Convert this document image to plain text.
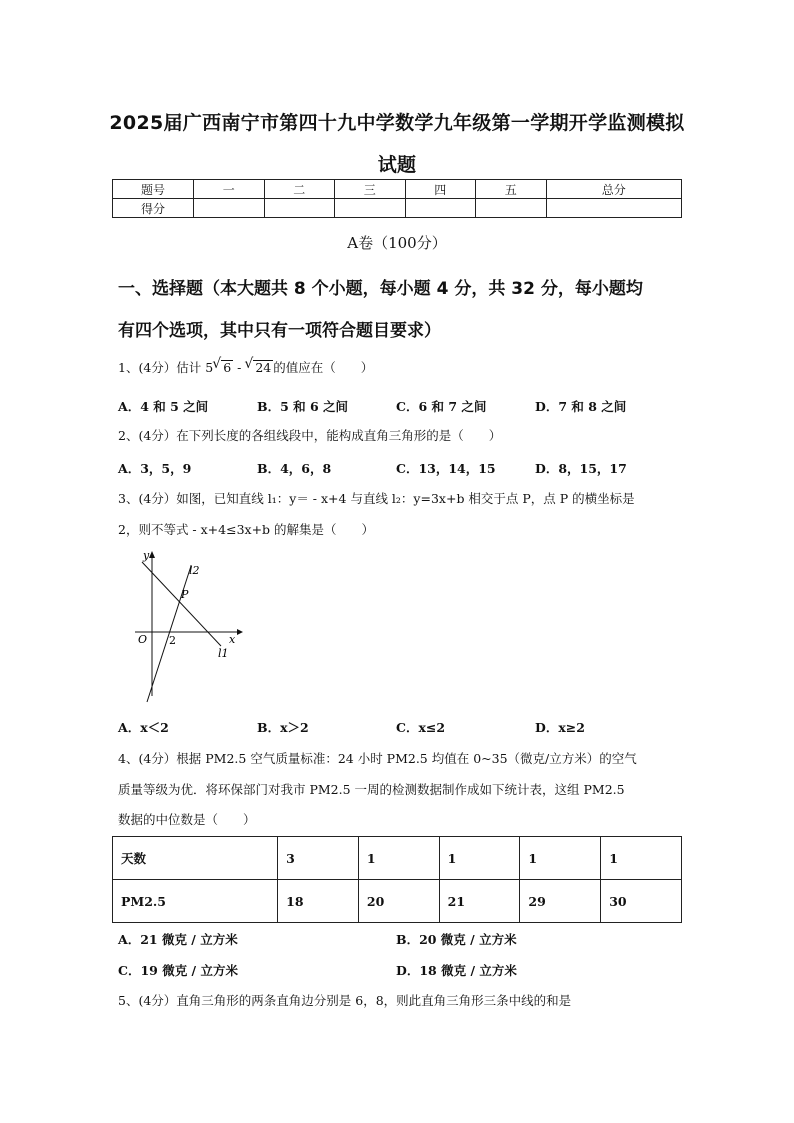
2025届广西南宁市第四十九中学数学九年级第一学期开学监测模拟
试题
题号	一	二	三	四	五	总分
得分						
A卷（100分）
一、选择题（本大题共 8 个小题，每小题 4 分，共 32 分，每小题均
有四个选项，其中只有一项符合题目要求）
1、(4分）估计 5 √ 6 - √ 24 的值应在（　　）
A．4 和 5 之间	B．5 和 6 之间	C．6 和 7 之间	D．7 和 8 之间
2、(4分）在下列长度的各组线段中，能构成直角三角形的是（　　）
A．3，5，9	B．4，6，8	C．13，14，15	D．8，15，17
3、(4分）如图，已知直线 l₁：y＝ - x+4 与直线 l₂：y=3x+b 相交于点 P，点 P 的横坐标是
2，则不等式 - x+4≤3x+b 的解集是（　　）
y
x
O 2
P
l2
l1
A．x＜2	B．x＞2	C．x≤2	D．x≥2
4、(4分）根据 PM2.5 空气质量标准：24 小时 PM2.5 均值在 0~35（微克/立方米）的空气
质量等级为优．将环保部门对我市 PM2.5 一周的检测数据制作成如下统计表，这组 PM2.5
数据的中位数是（　　）
天数	3	1	1	1	1
PM2.5	18	20	21	29	30
A．21 微克 / 立方米	B．20 微克 / 立方米
C．19 微克 / 立方米	D．18 微克 / 立方米
5、(4分）直角三角形的两条直角边分别是 6，8，则此直角三角形三条中线的和是
